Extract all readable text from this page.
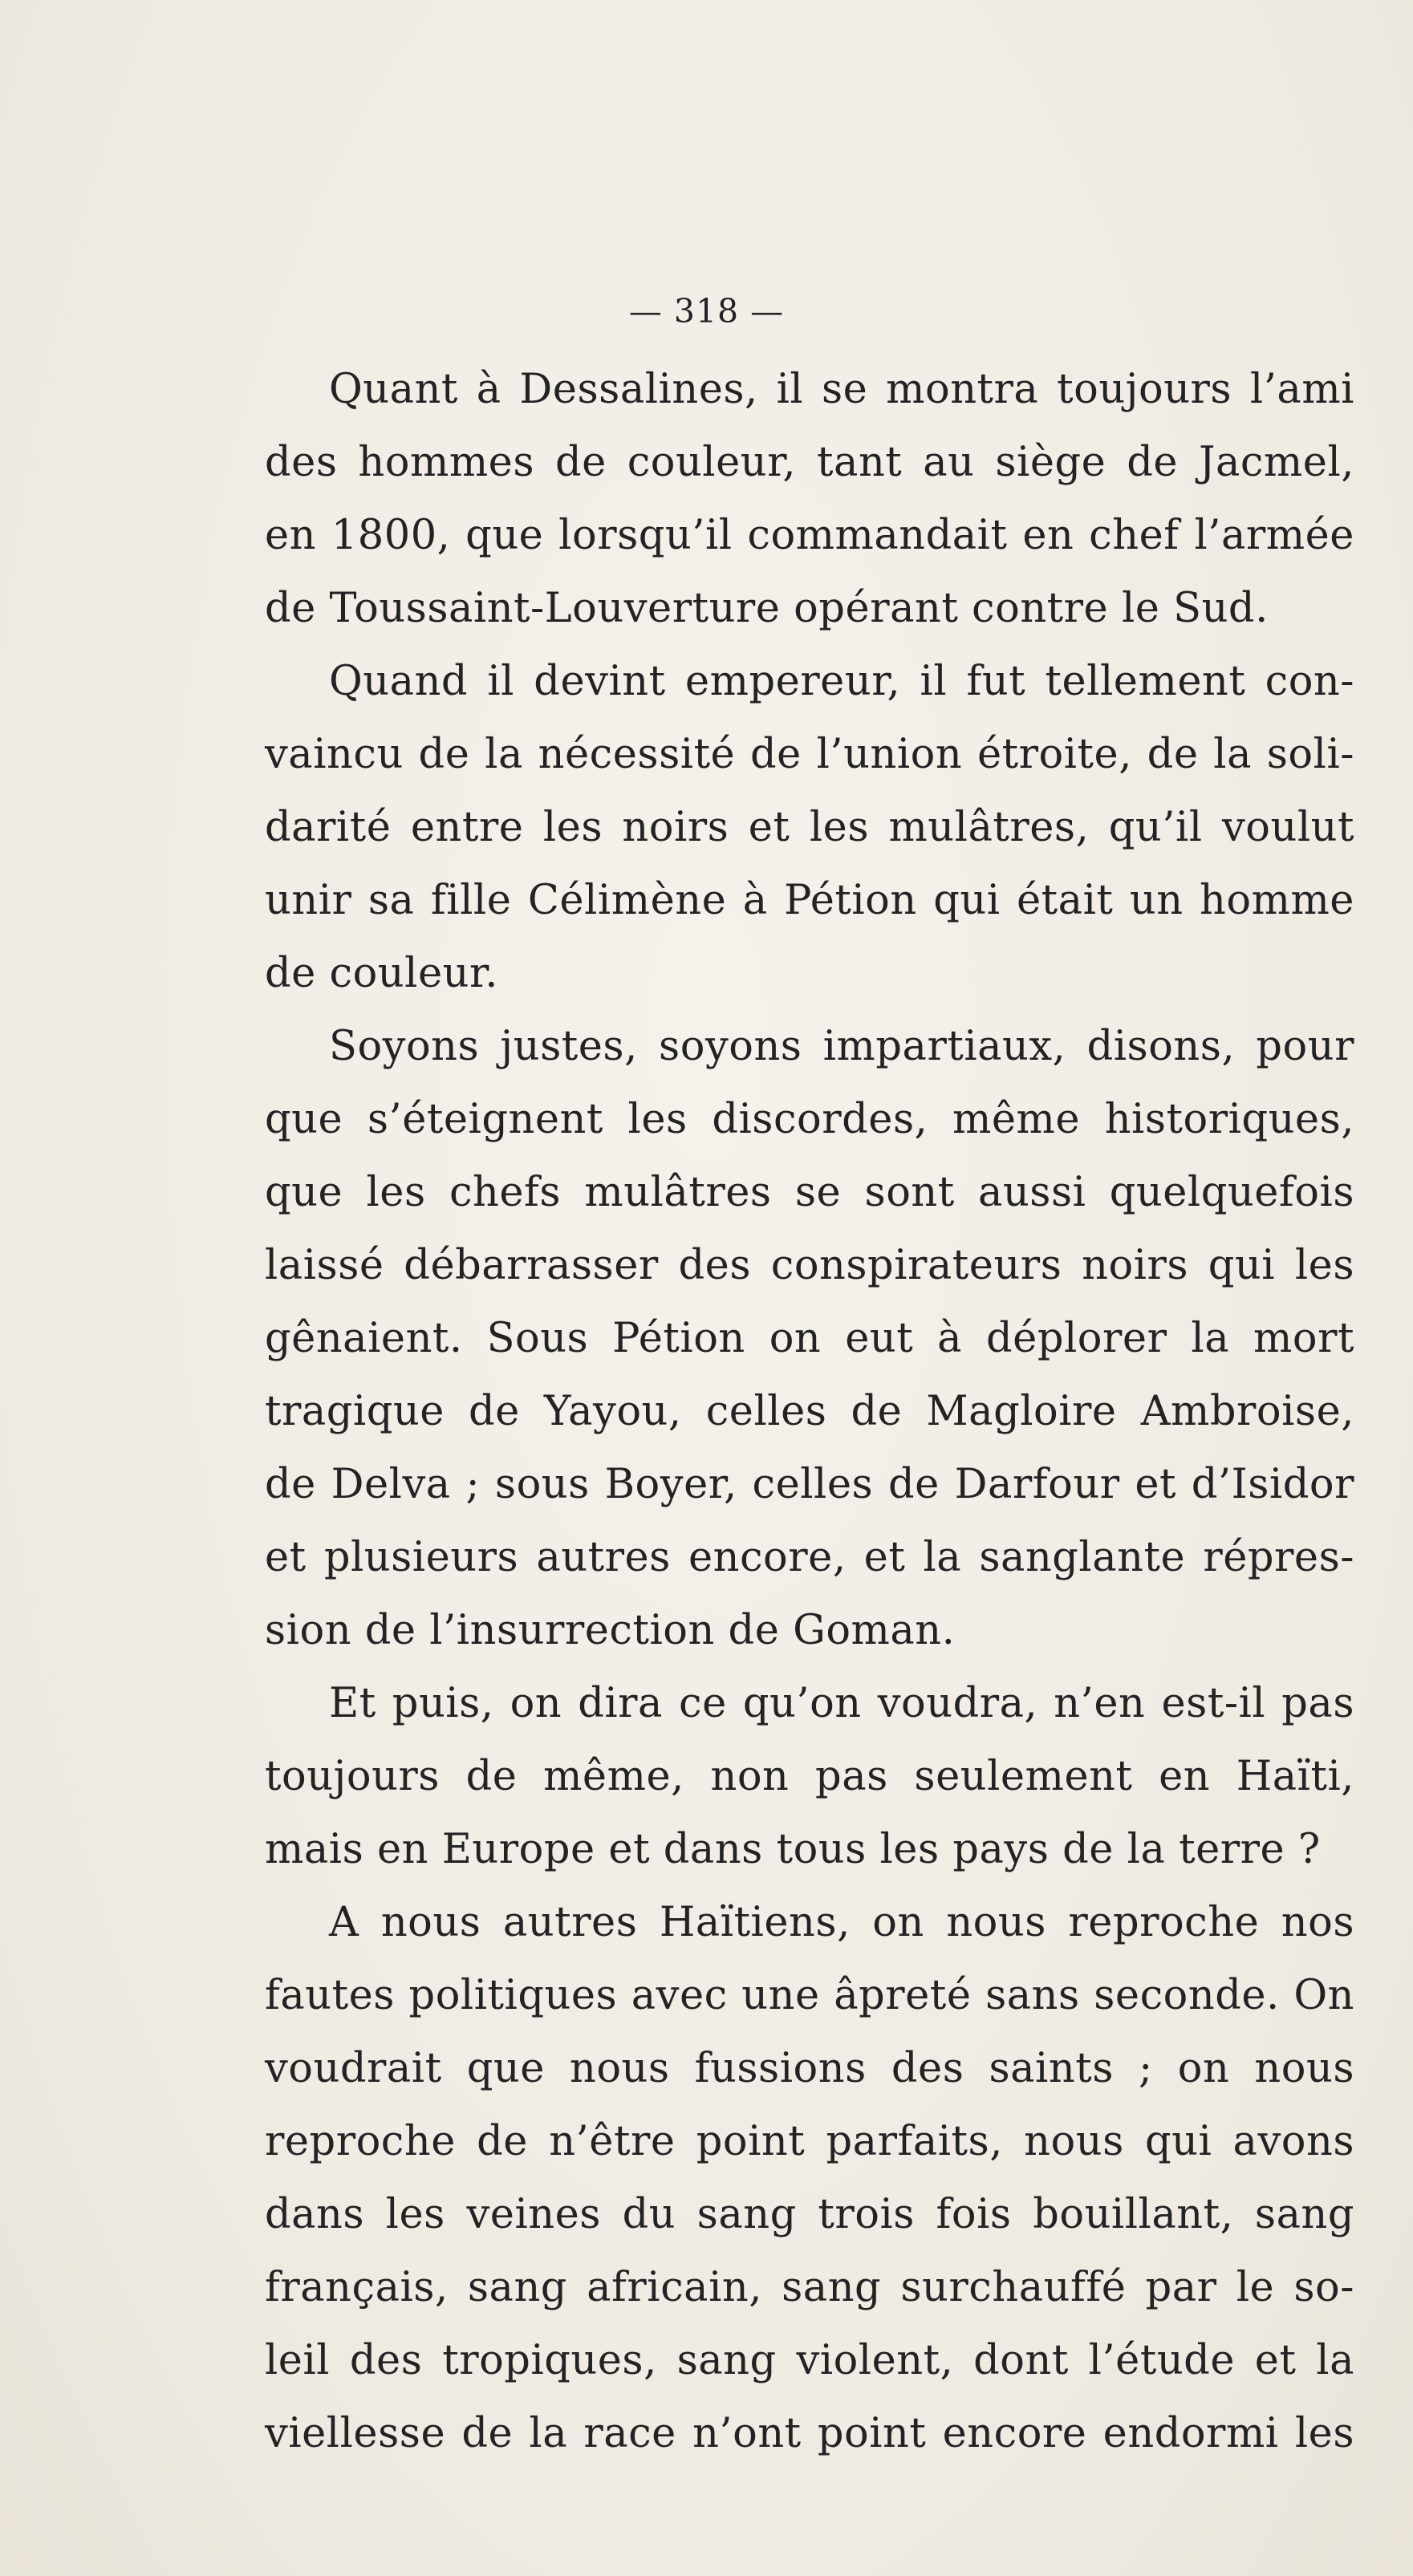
— 318 —
Quant à Dessalines, il se montra toujours l’ami
des hommes de couleur, tant au siège de Jacmel,
en 1800, que lorsqu’il commandait en chef l’armée
de Toussaint-Louverture opérant contre le Sud.
Quand il devint empereur, il fut tellement con-
vaincu de la nécessité de l’union étroite, de la soli-
darité entre les noirs et les mulâtres, qu’il voulut
unir sa fille Célimène à Pétion qui était un homme
de couleur.
Soyons justes, soyons impartiaux, disons, pour
que s’éteignent les discordes, même historiques,
que les chefs mulâtres se sont aussi quelquefois
laissé débarrasser des conspirateurs noirs qui les
gênaient. Sous Pétion on eut à déplorer la mort
tragique de Yayou, celles de Magloire Ambroise,
de Delva ; sous Boyer, celles de Darfour et d’Isidor
et plusieurs autres encore, et la sanglante répres-
sion de l’insurrection de Goman.
Et puis, on dira ce qu’on voudra, n’en est-il pas
toujours de même, non pas seulement en Haïti,
mais en Europe et dans tous les pays de la terre ?
A nous autres Haïtiens, on nous reproche nos
fautes politiques avec une âpreté sans seconde. On
voudrait que nous fussions des saints ; on nous
reproche de n’être point parfaits, nous qui avons
dans les veines du sang trois fois bouillant, sang
français, sang africain, sang surchauffé par le so-
leil des tropiques, sang violent, dont l’étude et la
viellesse de la race n’ont point encore endormi les
